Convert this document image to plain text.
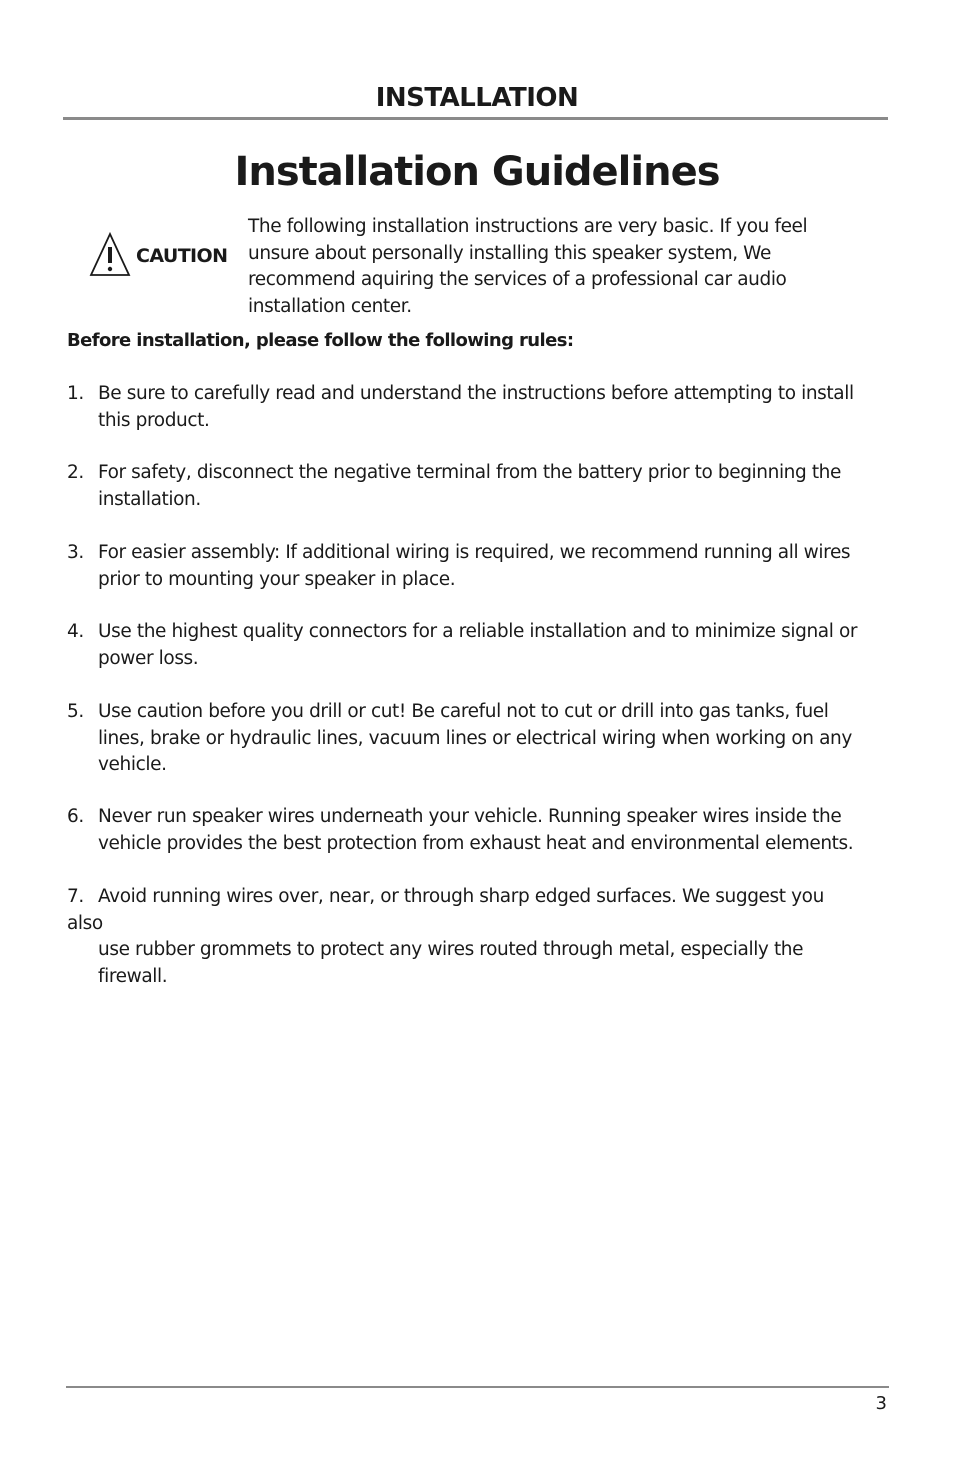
INSTALLATION
Installation Guidelines
CAUTION
The following installation instructions are very basic. If you feel
unsure about personally installing this speaker system, We
recommend aquiring the services of a professional car audio
installation center.
Before installation, please follow the following rules:
1. Be sure to carefully read and understand the instructions before attempting to install
this product.
2. For safety, disconnect the negative terminal from the battery prior to beginning the
installation.
3. For easier assembly: If additional wiring is required, we recommend running all wires
prior to mounting your speaker in place.
4. Use the highest quality connectors for a reliable installation and to minimize signal or
power loss.
5. Use caution before you drill or cut! Be careful not to cut or drill into gas tanks, fuel
lines, brake or hydraulic lines, vacuum lines or electrical wiring when working on any
vehicle.
6. Never run speaker wires underneath your vehicle. Running speaker wires inside the
vehicle provides the best protection from exhaust heat and environmental elements.
7. Avoid running wires over, near, or through sharp edged surfaces. We suggest you
also
use rubber grommets to protect any wires routed through metal, especially the
firewall.
3
